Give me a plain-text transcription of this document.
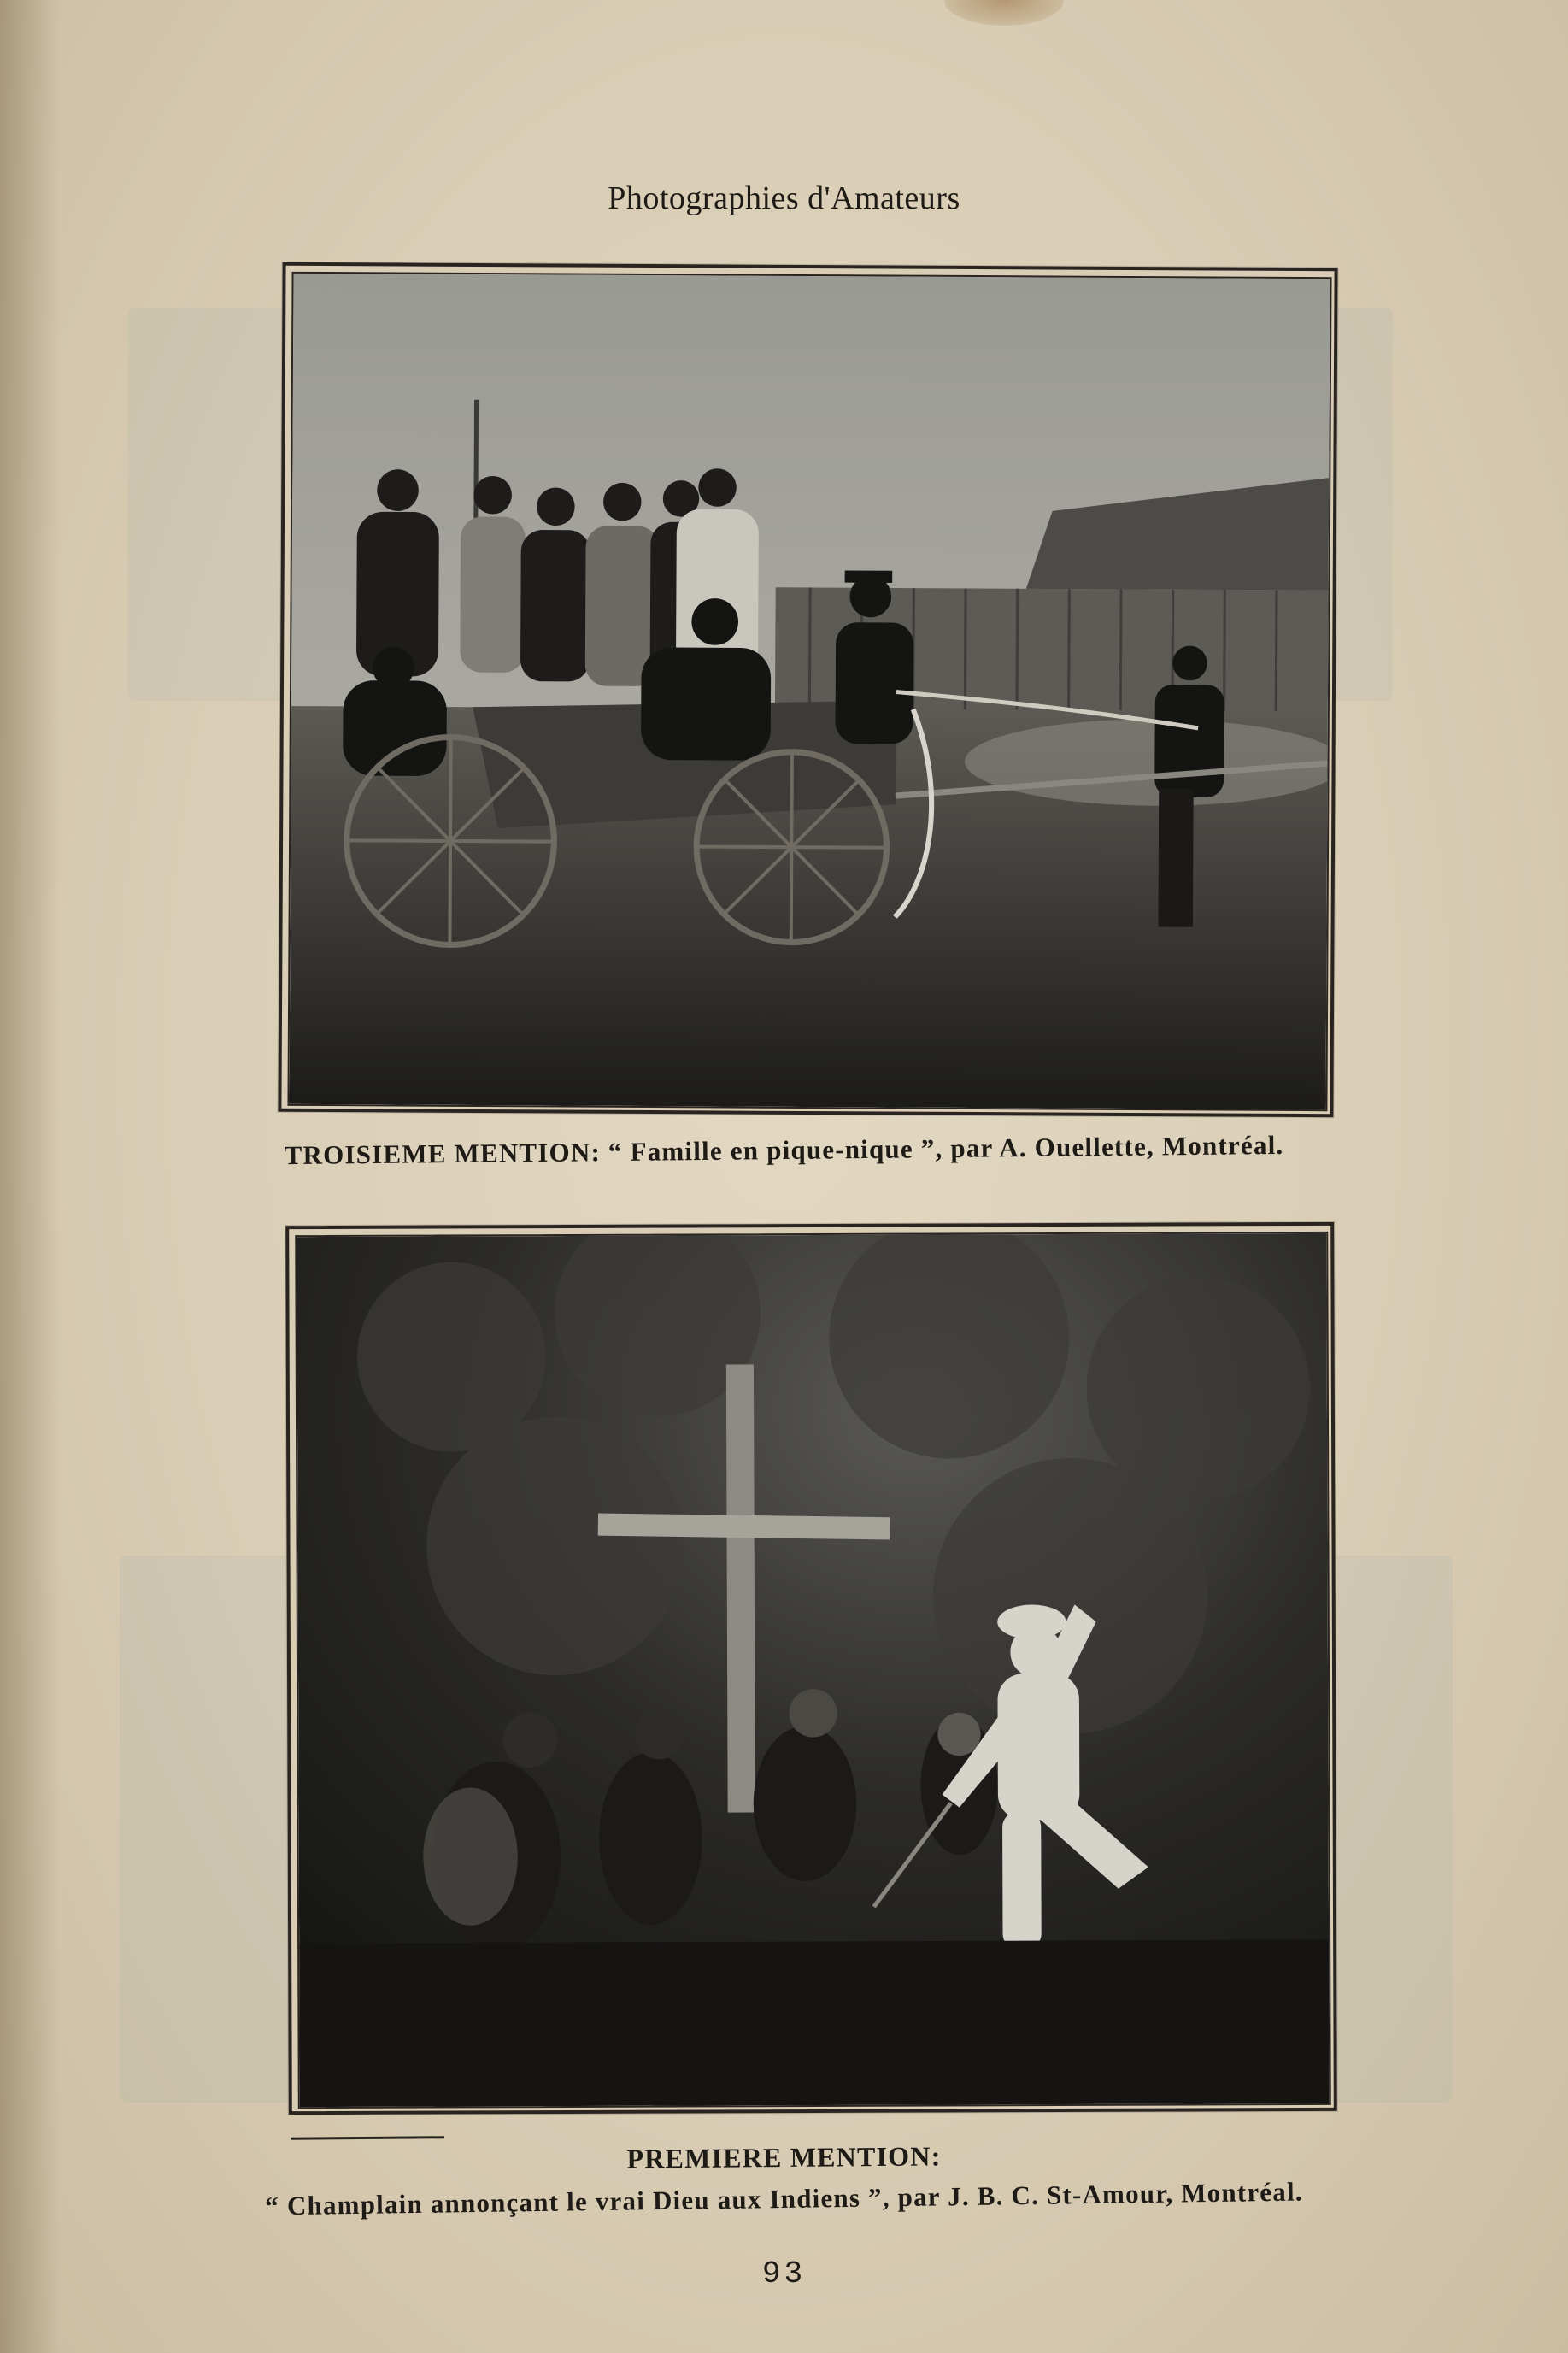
Photographies d'Amateurs
TROISIEME MENTION: “ Famille en pique-nique ”, par A. Ouellette, Montréal.
PREMIERE MENTION:
“ Champlain annonçant le vrai Dieu aux Indiens ”, par J. B. C. St-Amour, Montréal.
93
